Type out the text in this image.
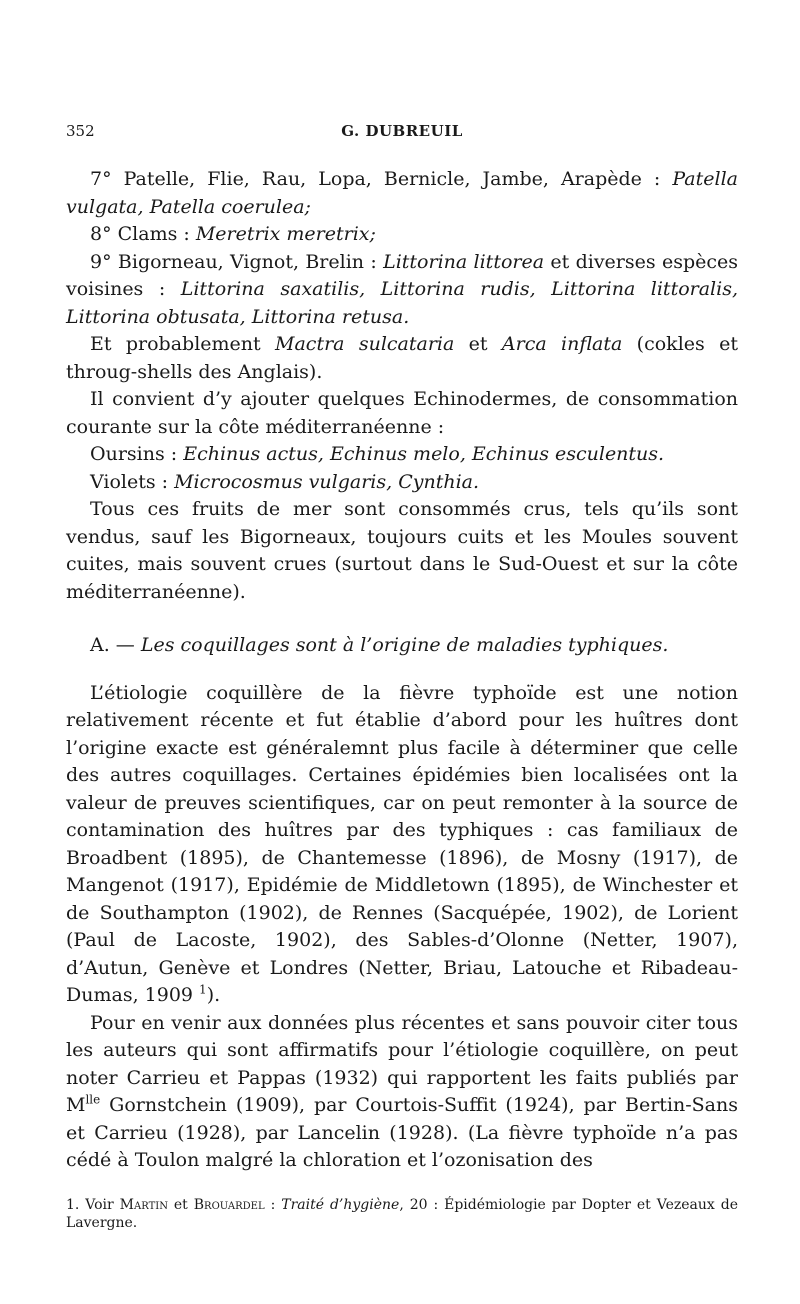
352	G. DUBREUIL

7° Patelle, Flie, Rau, Lopa, Bernicle, Jambe, Arapède : Patella vulgata, Patella coerulea;

8° Clams : Meretrix meretrix;

9° Bigorneau, Vignot, Brelin : Littorina littorea et diverses espèces voisines : Littorina saxatilis, Littorina rudis, Littorina littoralis, Littorina obtusata, Littorina retusa.

Et probablement Mactra sulcataria et Arca inflata (cokles et throug-shells des Anglais).

Il convient d’y ajouter quelques Echinodermes, de consommation courante sur la côte méditerranéenne :

Oursins : Echinus actus, Echinus melo, Echinus esculentus.

Violets : Microcosmus vulgaris, Cynthia.

Tous ces fruits de mer sont consommés crus, tels qu’ils sont vendus, sauf les Bigorneaux, toujours cuits et les Moules souvent cuites, mais souvent crues (surtout dans le Sud-Ouest et sur la côte méditerranéenne).

A. — Les coquillages sont à l’origine de maladies typhiques.

L’étiologie coquillère de la fièvre typhoïde est une notion relativement récente et fut établie d’abord pour les huîtres dont l’origine exacte est généralemnt plus facile à déterminer que celle des autres coquillages. Certaines épidémies bien localisées ont la valeur de preuves scientifiques, car on peut remonter à la source de contamination des huîtres par des typhiques : cas familiaux de Broadbent (1895), de Chantemesse (1896), de Mosny (1917), de Mangenot (1917), Epidémie de Middletown (1895), de Winchester et de Southampton (1902), de Rennes (Sacquépée, 1902), de Lorient (Paul de Lacoste, 1902), des Sables-d’Olonne (Netter, 1907), d’Autun, Genève et Londres (Netter, Briau, Latouche et Ribadeau-Dumas, 1909 $^1$).

Pour en venir aux données plus récentes et sans pouvoir citer tous les auteurs qui sont affirmatifs pour l’étiologie coquillère, on peut noter Carrieu et Pappas (1932) qui rapportent les faits publiés par $M^{lle}$ Gornstchein (1909), par Courtois-Suffit (1924), par Bertin-Sans et Carrieu (1928), par Lancelin (1928). (La fièvre typhoïde n’a pas cédé à Toulon malgré la chloration et l’ozonisation des

1. Voir Martin et Brouardel : Traité d’hygiène, 20 : Épidémiologie par Dopter et Vezeaux de Lavergne.
